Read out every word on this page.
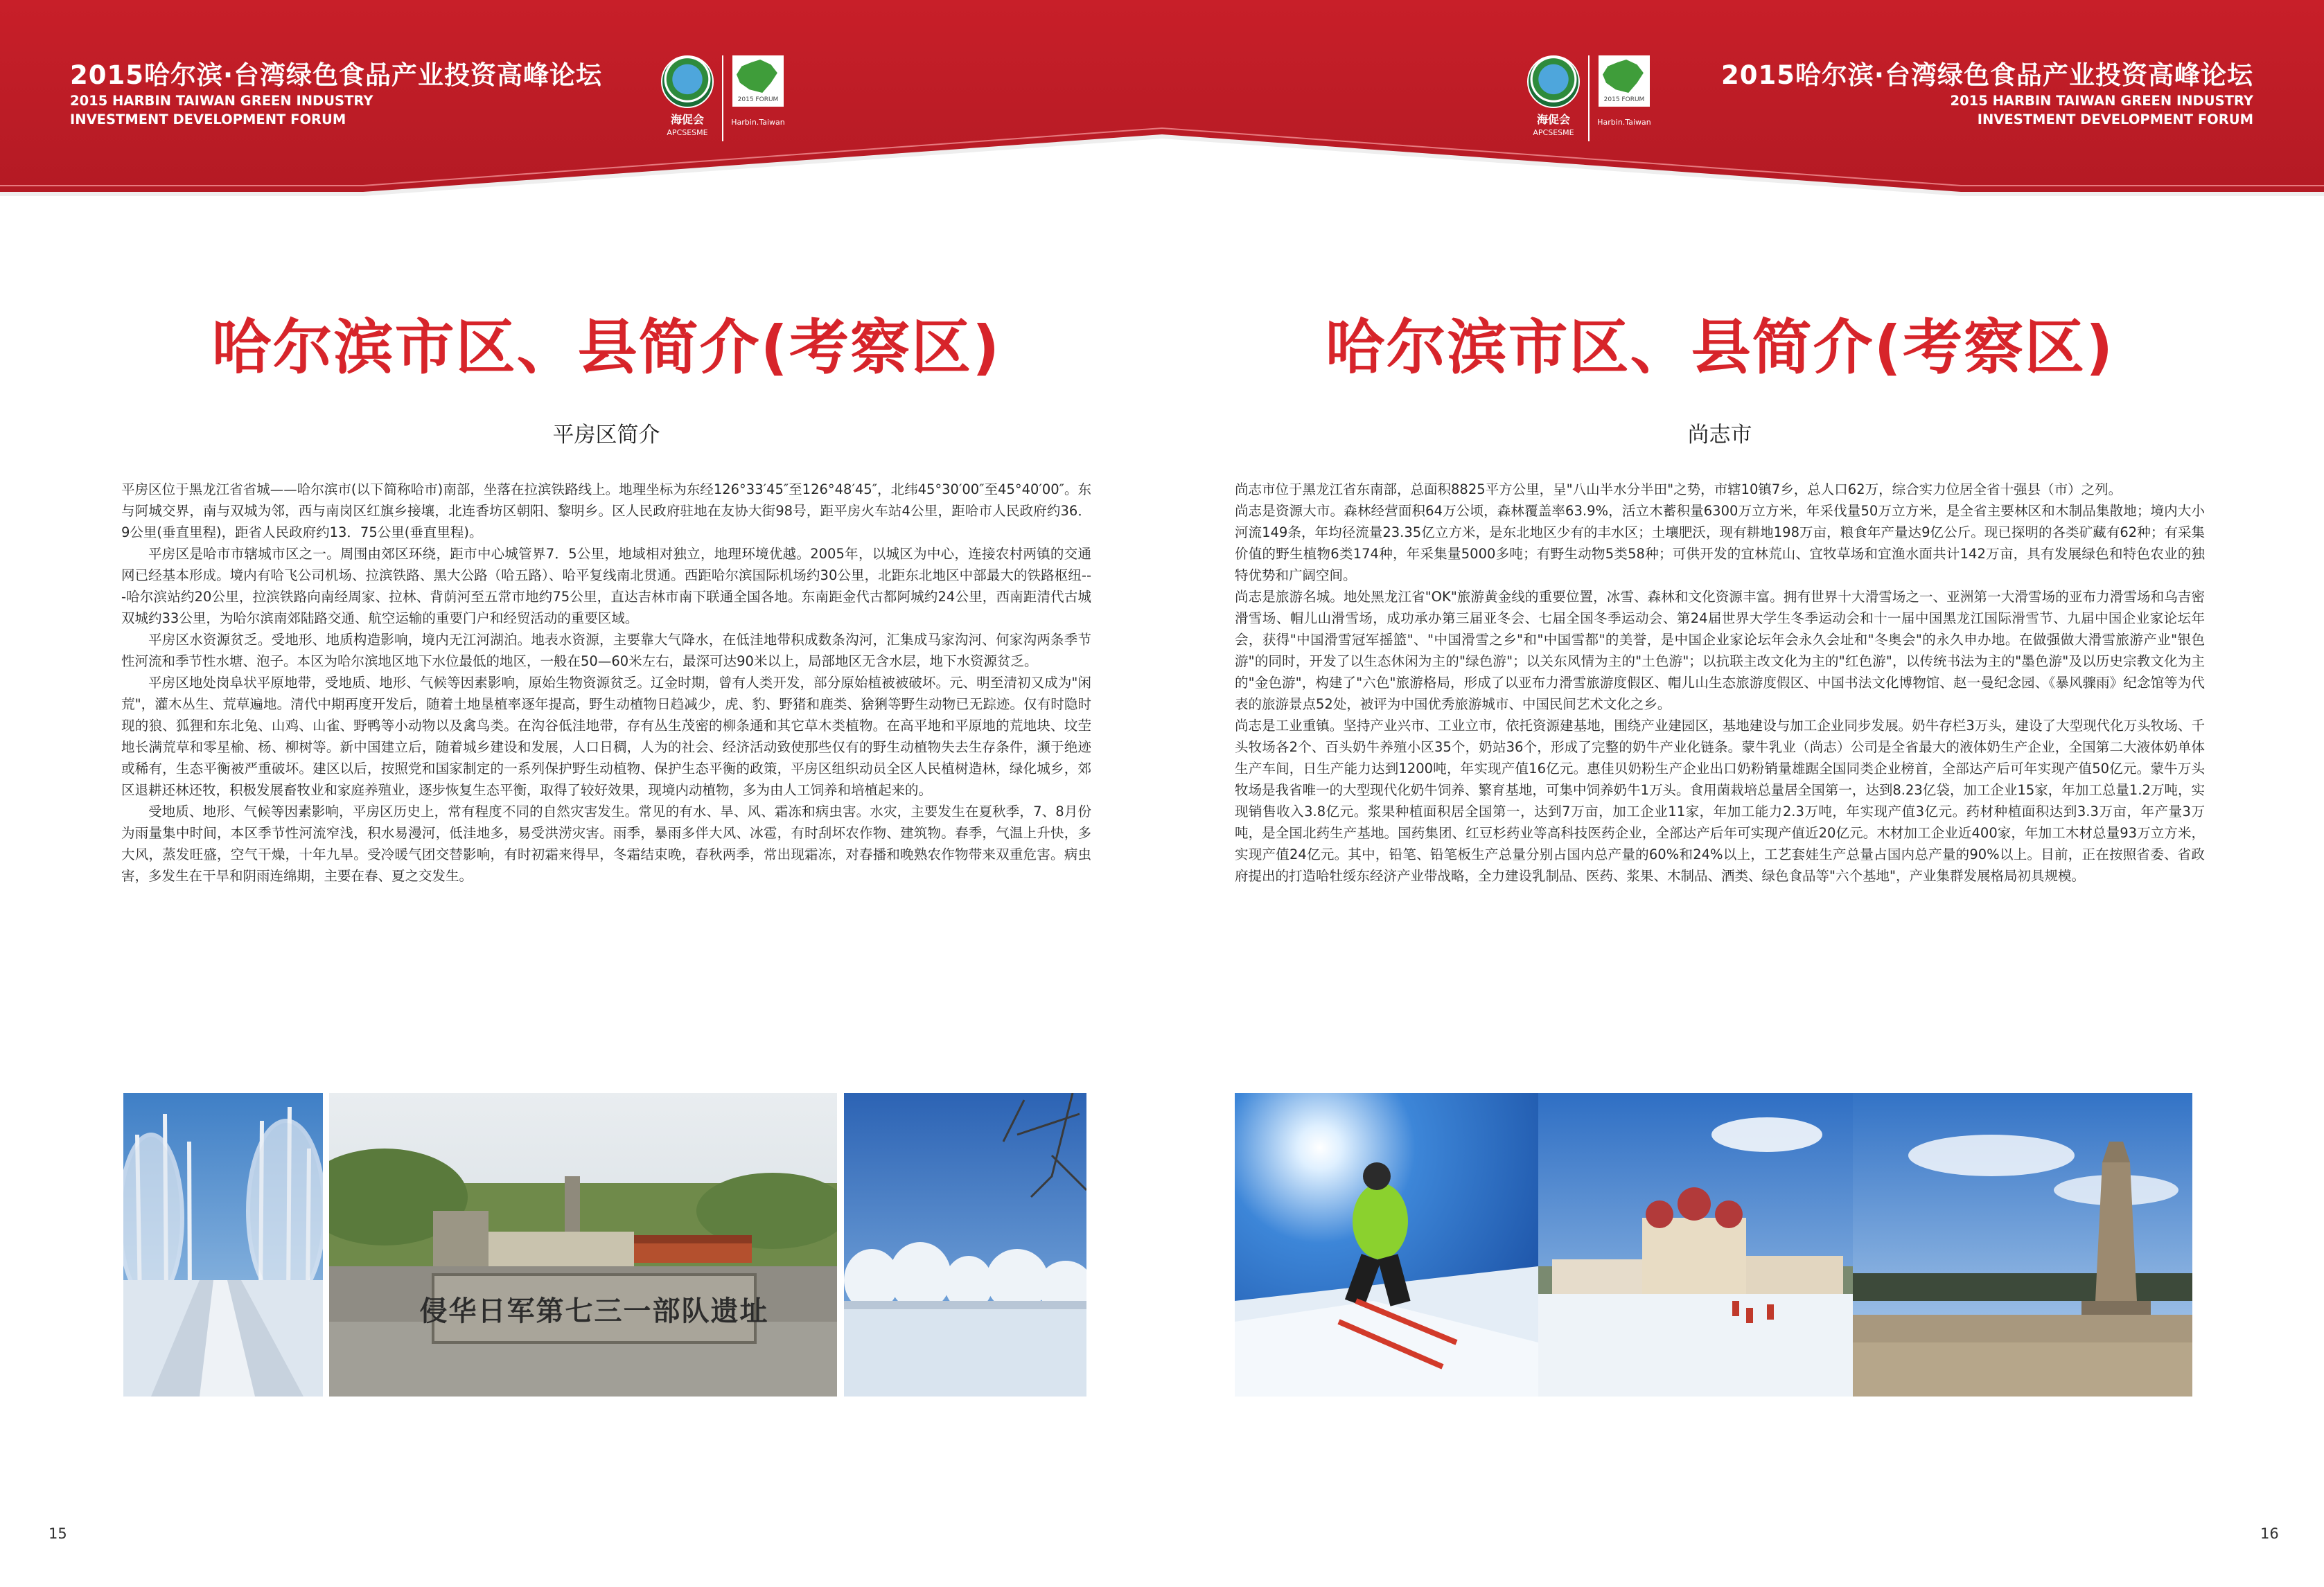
2015哈尔滨·台湾绿色食品产业投资高峰论坛
2015 HARBIN TAIWAN GREEN INDUSTRY
INVESTMENT DEVELOPMENT FORUM	海促会
APCSESME
2015 FORUM
Harbin.Taiwan	海促会
APCSESME
2015 FORUM
Harbin.Taiwan
2015哈尔滨·台湾绿色食品产业投资高峰论坛
2015 HARBIN TAIWAN GREEN INDUSTRY
INVESTMENT DEVELOPMENT FORUM
哈尔滨市区、县简介(考察区)
平房区简介

平房区位于黑龙江省省城——哈尔滨市(以下简称哈市)南部，坐落在拉滨铁路线上。地理坐标为东经126°33′45″至126°48′45″，北纬45°30′00″至45°40′00″。东与阿城交界，南与双城为邻，西与南岗区红旗乡接壤，北连香坊区朝阳、黎明乡。区人民政府驻地在友协大街98号，距平房火车站4公里，距哈市人民政府约36．9公里(垂直里程)，距省人民政府约13．75公里(垂直里程)。

平房区是哈市市辖城市区之一。周围由郊区环绕，距市中心城管界7．5公里，地域相对独立，地理环境优越。2005年，以城区为中心，连接农村两镇的交通网已经基本形成。境内有哈飞公司机场、拉滨铁路、黑大公路（哈五路）、哈平复线南北贯通。西距哈尔滨国际机场约30公里，北距东北地区中部最大的铁路枢纽---哈尔滨站约20公里，拉滨铁路向南经周家、拉林、背荫河至五常市地约75公里，直达吉林市南下联通全国各地。东南距金代古都阿城约24公里，西南距清代古城双城约33公里，为哈尔滨南郊陆路交通、航空运输的重要门户和经贸活动的重要区域。

平房区水资源贫乏。受地形、地质构造影响，境内无江河湖泊。地表水资源，主要靠大气降水，在低洼地带积成数条沟河，汇集成马家沟河、何家沟两条季节性河流和季节性水塘、泡子。本区为哈尔滨地区地下水位最低的地区，一般在50—60米左右，最深可达90米以上，局部地区无含水层，地下水资源贫乏。

平房区地处岗阜状平原地带，受地质、地形、气候等因素影响，原始生物资源贫乏。辽金时期，曾有人类开发，部分原始植被被破坏。元、明至清初又成为"闲荒"，灌木丛生、荒草遍地。清代中期再度开发后，随着土地垦植率逐年提高，野生动植物日趋减少，虎、豹、野猪和鹿类、猞猁等野生动物已无踪迹。仅有时隐时现的狼、狐狸和东北兔、山鸡、山雀、野鸭等小动物以及禽鸟类。在沟谷低洼地带，存有丛生茂密的柳条通和其它草木类植物。在高平地和平原地的荒地块、坟茔地长满荒草和零星榆、杨、柳树等。新中国建立后，随着城乡建设和发展，人口日稠，人为的社会、经济活动致使那些仅有的野生动植物失去生存条件，濒于绝迹或稀有，生态平衡被严重破坏。建区以后，按照党和国家制定的一系列保护野生动植物、保护生态平衡的政策，平房区组织动员全区人民植树造林，绿化城乡，郊区退耕还林还牧，积极发展畜牧业和家庭养殖业，逐步恢复生态平衡，取得了较好效果，现境内动植物，多为由人工饲养和培植起来的。

受地质、地形、气候等因素影响，平房区历史上，常有程度不同的自然灾害发生。常见的有水、旱、风、霜冻和病虫害。水灾，主要发生在夏秋季，7、8月份为雨量集中时间，本区季节性河流窄浅，积水易漫河，低洼地多，易受洪涝灾害。雨季，暴雨多伴大风、冰雹，有时刮坏农作物、建筑物。春季，气温上升快，多大风，蒸发旺盛，空气干燥，十年九旱。受冷暖气团交替影响，有时初霜来得早，冬霜结束晚，春秋两季，常出现霜冻，对春播和晚熟农作物带来双重危害。病虫害，多发生在干旱和阴雨连绵期，主要在春、夏之交发生。

侵华日军第七三一部队遗址
15
哈尔滨市区、县简介(考察区)
尚志市

尚志市位于黑龙江省东南部，总面积8825平方公里，呈"八山半水分半田"之势，市辖10镇7乡，总人口62万，综合实力位居全省十强县（市）之列。

尚志是资源大市。森林经营面积64万公顷，森林覆盖率63.9%，活立木蓄积量6300万立方米，年采伐量50万立方米，是全省主要林区和木制品集散地；境内大小河流149条，年均径流量23.35亿立方米，是东北地区少有的丰水区；土壤肥沃，现有耕地198万亩，粮食年产量达9亿公斤。现已探明的各类矿藏有62种；有采集价值的野生植物6类174种，年采集量5000多吨；有野生动物5类58种；可供开发的宜林荒山、宜牧草场和宜渔水面共计142万亩，具有发展绿色和特色农业的独特优势和广阔空间。

尚志是旅游名城。地处黑龙江省"OK"旅游黄金线的重要位置，冰雪、森林和文化资源丰富。拥有世界十大滑雪场之一、亚洲第一大滑雪场的亚布力滑雪场和乌吉密滑雪场、帽儿山滑雪场，成功承办第三届亚冬会、七届全国冬季运动会、第24届世界大学生冬季运动会和十一届中国黑龙江国际滑雪节、九届中国企业家论坛年会，获得"中国滑雪冠军摇篮"、"中国滑雪之乡"和"中国雪都"的美誉，是中国企业家论坛年会永久会址和"冬奥会"的永久申办地。在做强做大滑雪旅游产业"银色游"的同时，开发了以生态休闲为主的"绿色游"；以关东风情为主的"土色游"；以抗联主改文化为主的"红色游"，以传统书法为主的"墨色游"及以历史宗教文化为主的"金色游"，构建了"六色"旅游格局，形成了以亚布力滑雪旅游度假区、帽儿山生态旅游度假区、中国书法文化博物馆、赵一曼纪念园、《暴风骤雨》纪念馆等为代表的旅游景点52处，被评为中国优秀旅游城市、中国民间艺术文化之乡。

尚志是工业重镇。坚持产业兴市、工业立市，依托资源建基地，围绕产业建园区，基地建设与加工企业同步发展。奶牛存栏3万头，建设了大型现代化万头牧场、千头牧场各2个、百头奶牛养殖小区35个，奶站36个，形成了完整的奶牛产业化链条。蒙牛乳业（尚志）公司是全省最大的液体奶生产企业，全国第二大液体奶单体生产车间，日生产能力达到1200吨，年实现产值16亿元。惠佳贝奶粉生产企业出口奶粉销量雄踞全国同类企业榜首，全部达产后可年实现产值50亿元。蒙牛万头牧场是我省唯一的大型现代化奶牛饲养、繁育基地，可集中饲养奶牛1万头。食用菌栽培总量居全国第一，达到8.23亿袋，加工企业15家，年加工总量1.2万吨，实现销售收入3.8亿元。浆果种植面积居全国第一，达到7万亩，加工企业11家，年加工能力2.3万吨，年实现产值3亿元。药材种植面积达到3.3万亩，年产量3万吨，是全国北药生产基地。国药集团、红豆杉药业等高科技医药企业，全部达产后年可实现产值近20亿元。木材加工企业近400家，年加工木材总量93万立方米，实现产值24亿元。其中，铅笔、铅笔板生产总量分别占国内总产量的60%和24%以上，工艺套娃生产总量占国内总产量的90%以上。目前，正在按照省委、省政府提出的打造哈牡绥东经济产业带战略，全力建设乳制品、医药、浆果、木制品、酒类、绿色食品等"六个基地"，产业集群发展格局初具规模。

16
